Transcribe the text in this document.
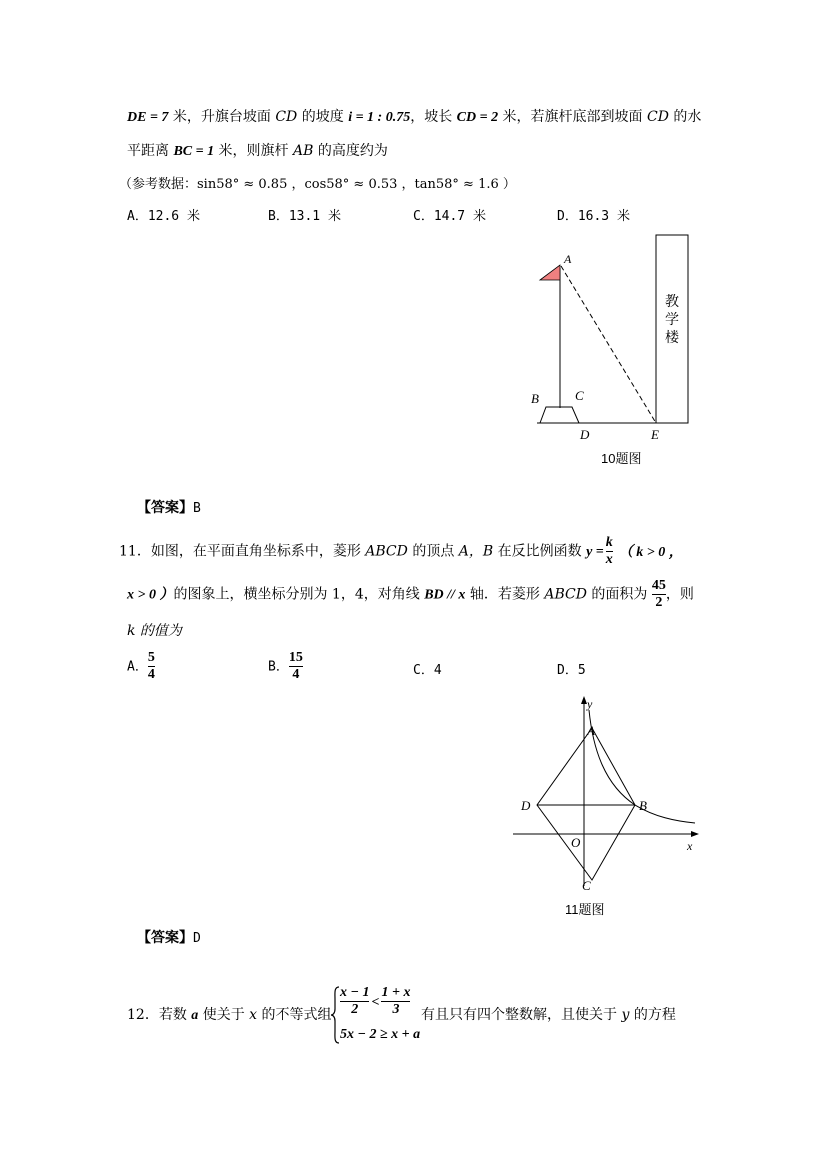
DE = 7 米，升旗台坡面 CD 的坡度 i = 1 : 0.75，坡长 CD = 2 米，若旗杆底部到坡面 CD 的水
平距离 BC = 1 米，则旗杆 AB 的高度约为
（参考数据：sin58° ≈ 0.85 ，cos58° ≈ 0.53 ，tan58° ≈ 1.6 ）
A．12.6 米	B．13.1 米	C．14.7 米	D．16.3 米
教
学
楼
A
B	C
D	E
10题图
【答案】B
11．如图，在平面直角坐标系中，菱形 ABCD 的顶点 A，B 在反比例函数 $y = \frac{k}{x}$ （ k > 0 ，
x > 0 ）的图象上，横坐标分别为 1，4，对角线 BD // x 轴．若菱形 ABCD 的面积为 $\frac{45}{2}$ ，则
k 的值为
A． $\frac{5}{4}$	B． $\frac{15}{4}$	C．4	D．5
y
x
A
B
C
D
O
11题图
【答案】D
12．若数 a 使关于 x 的不等式组 $\frac{x - 1}{2} < \frac{1 + x}{3}$
5x − 2 ≥ x + a
有且只有四个整数解，且使关于 y 的方程
